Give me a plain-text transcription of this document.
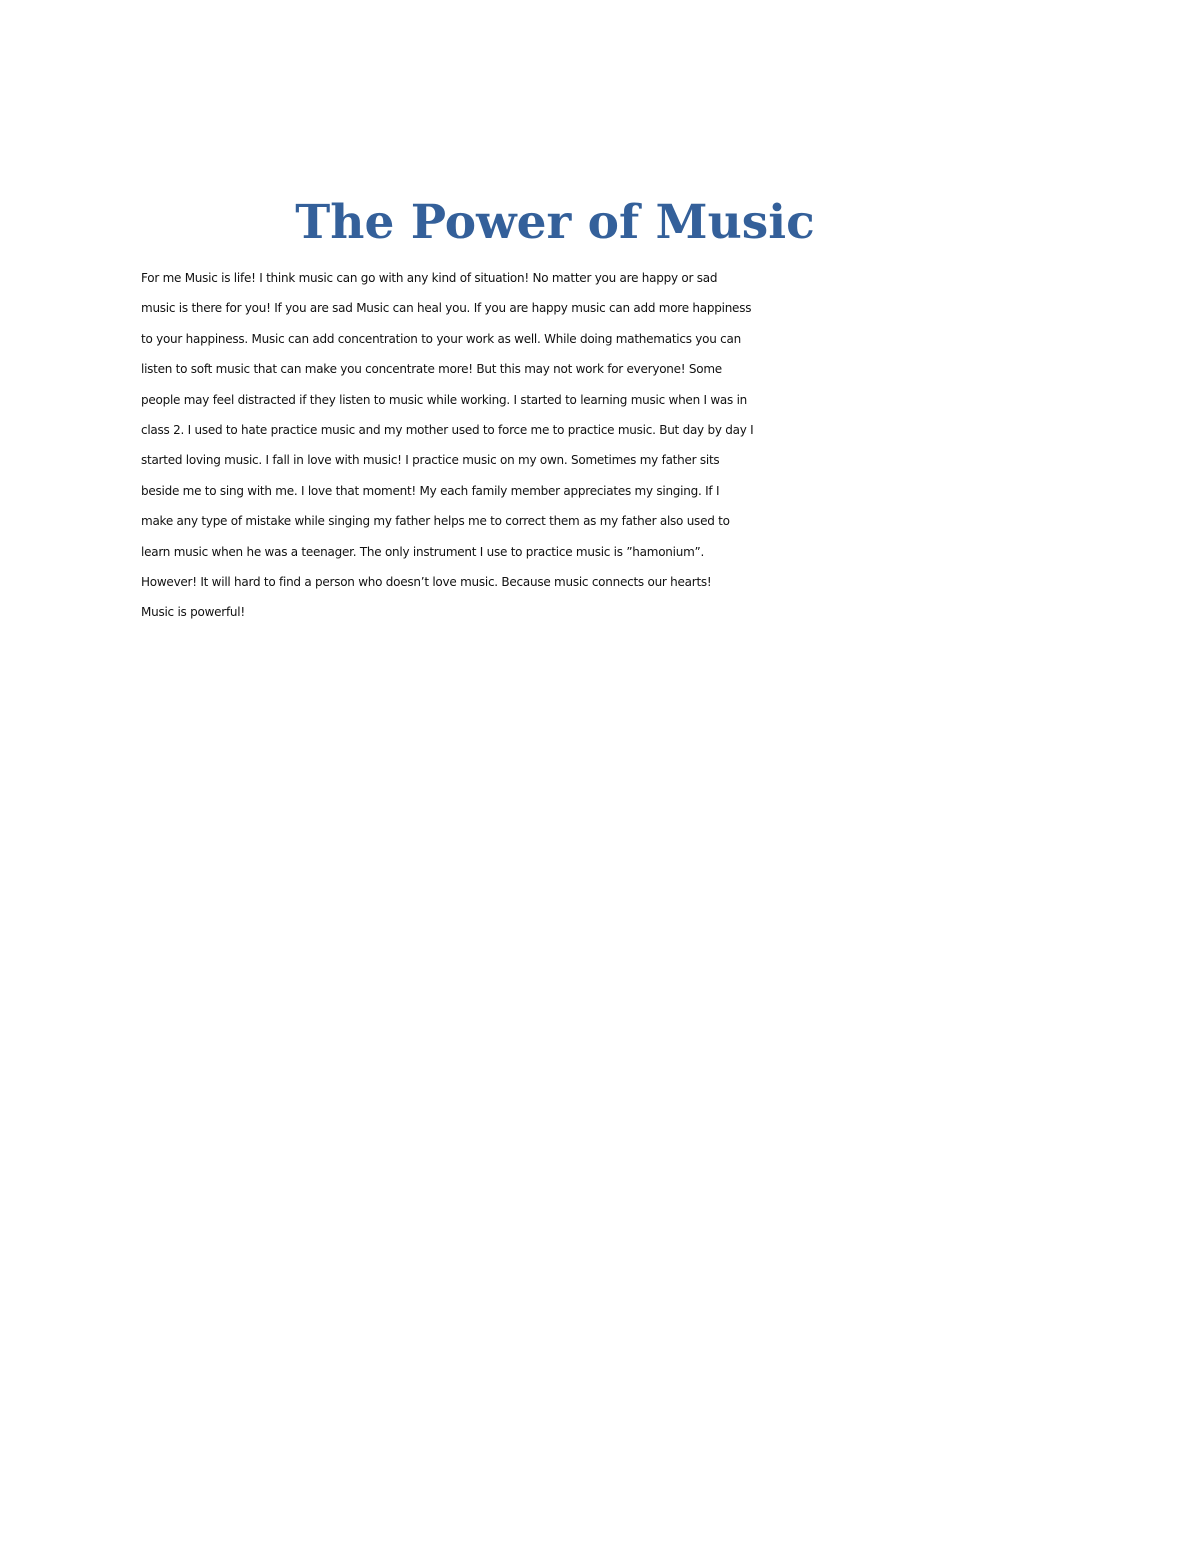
The Power of Music

For me Music is life! I think music can go with any kind of situation! No matter you are happy or sad
music is there for you! If you are sad Music can heal you. If you are happy music can add more happiness
to your happiness. Music can add concentration to your work as well. While doing mathematics you can
listen to soft music that can make you concentrate more! But this may not work for everyone! Some
people may feel distracted if they listen to music while working. I started to learning music when I was in
class 2. I used to hate practice music and my mother used to force me to practice music. But day by day I
started loving music. I fall in love with music! I practice music on my own. Sometimes my father sits
beside me to sing with me. I love that moment! My each family member appreciates my singing. If I
make any type of mistake while singing my father helps me to correct them as my father also used to
learn music when he was a teenager. The only instrument I use to practice music is ”hamonium”.
However! It will hard to find a person who doesn’t love music. Because music connects our hearts!
Music is powerful!
